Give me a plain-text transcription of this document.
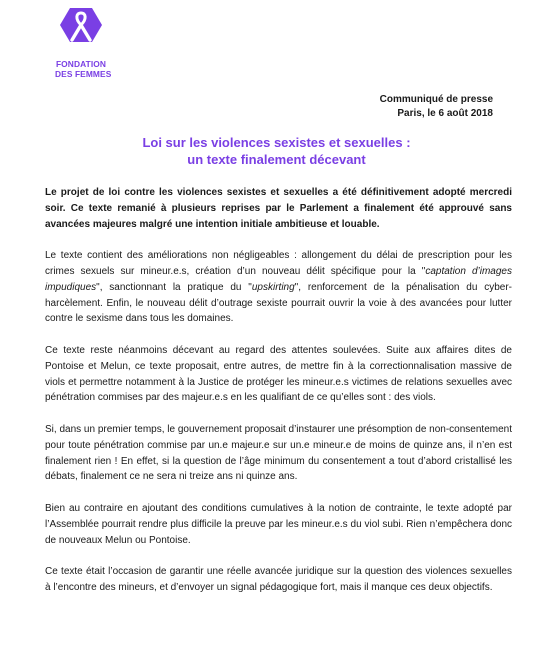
FONDATION
DES FEMMES
Communiqué de presse
Paris, le 6 août 2018
Loi sur les violences sexistes et sexuelles :
un texte finalement décevant

Le projet de loi contre les violences sexistes et sexuelles a été définitivement adopté mercredi soir. Ce texte remanié à plusieurs reprises par le Parlement a finalement été approuvé sans avancées majeures malgré une intention initiale ambitieuse et louable.

Le texte contient des améliorations non négligeables : allongement du délai de prescription pour les crimes sexuels sur mineur.e.s, création d’un nouveau délit spécifique pour la "captation d’images impudiques", sanctionnant la pratique du "upskirting", renforcement de la pénalisation du cyber-harcèlement. Enfin, le nouveau délit d’outrage sexiste pourrait ouvrir la voie à des avancées pour lutter contre le sexisme dans tous les domaines.

Ce texte reste néanmoins décevant au regard des attentes soulevées. Suite aux affaires dites de Pontoise et Melun, ce texte proposait, entre autres, de mettre fin à la correctionnalisation massive de viols et permettre notamment à la Justice de protéger les mineur.e.s victimes de relations sexuelles avec pénétration commises par des majeur.e.s en les qualifiant de ce qu’elles sont : des viols.

Si, dans un premier temps, le gouvernement proposait d’instaurer une présomption de non-consentement pour toute pénétration commise par un.e majeur.e sur un.e mineur.e de moins de quinze ans, il n’en est finalement rien ! En effet, si la question de l’âge minimum du consentement a tout d’abord cristallisé les débats, finalement ce ne sera ni treize ans ni quinze ans.

Bien au contraire en ajoutant des conditions cumulatives à la notion de contrainte, le texte adopté par l’Assemblée pourrait rendre plus difficile la preuve par les mineur.e.s du viol subi. Rien n’empêchera donc de nouveaux Melun ou Pontoise.

Ce texte était l’occasion de garantir une réelle avancée juridique sur la question des violences sexuelles à l’encontre des mineurs, et d’envoyer un signal pédagogique fort, mais il manque ces deux objectifs.
